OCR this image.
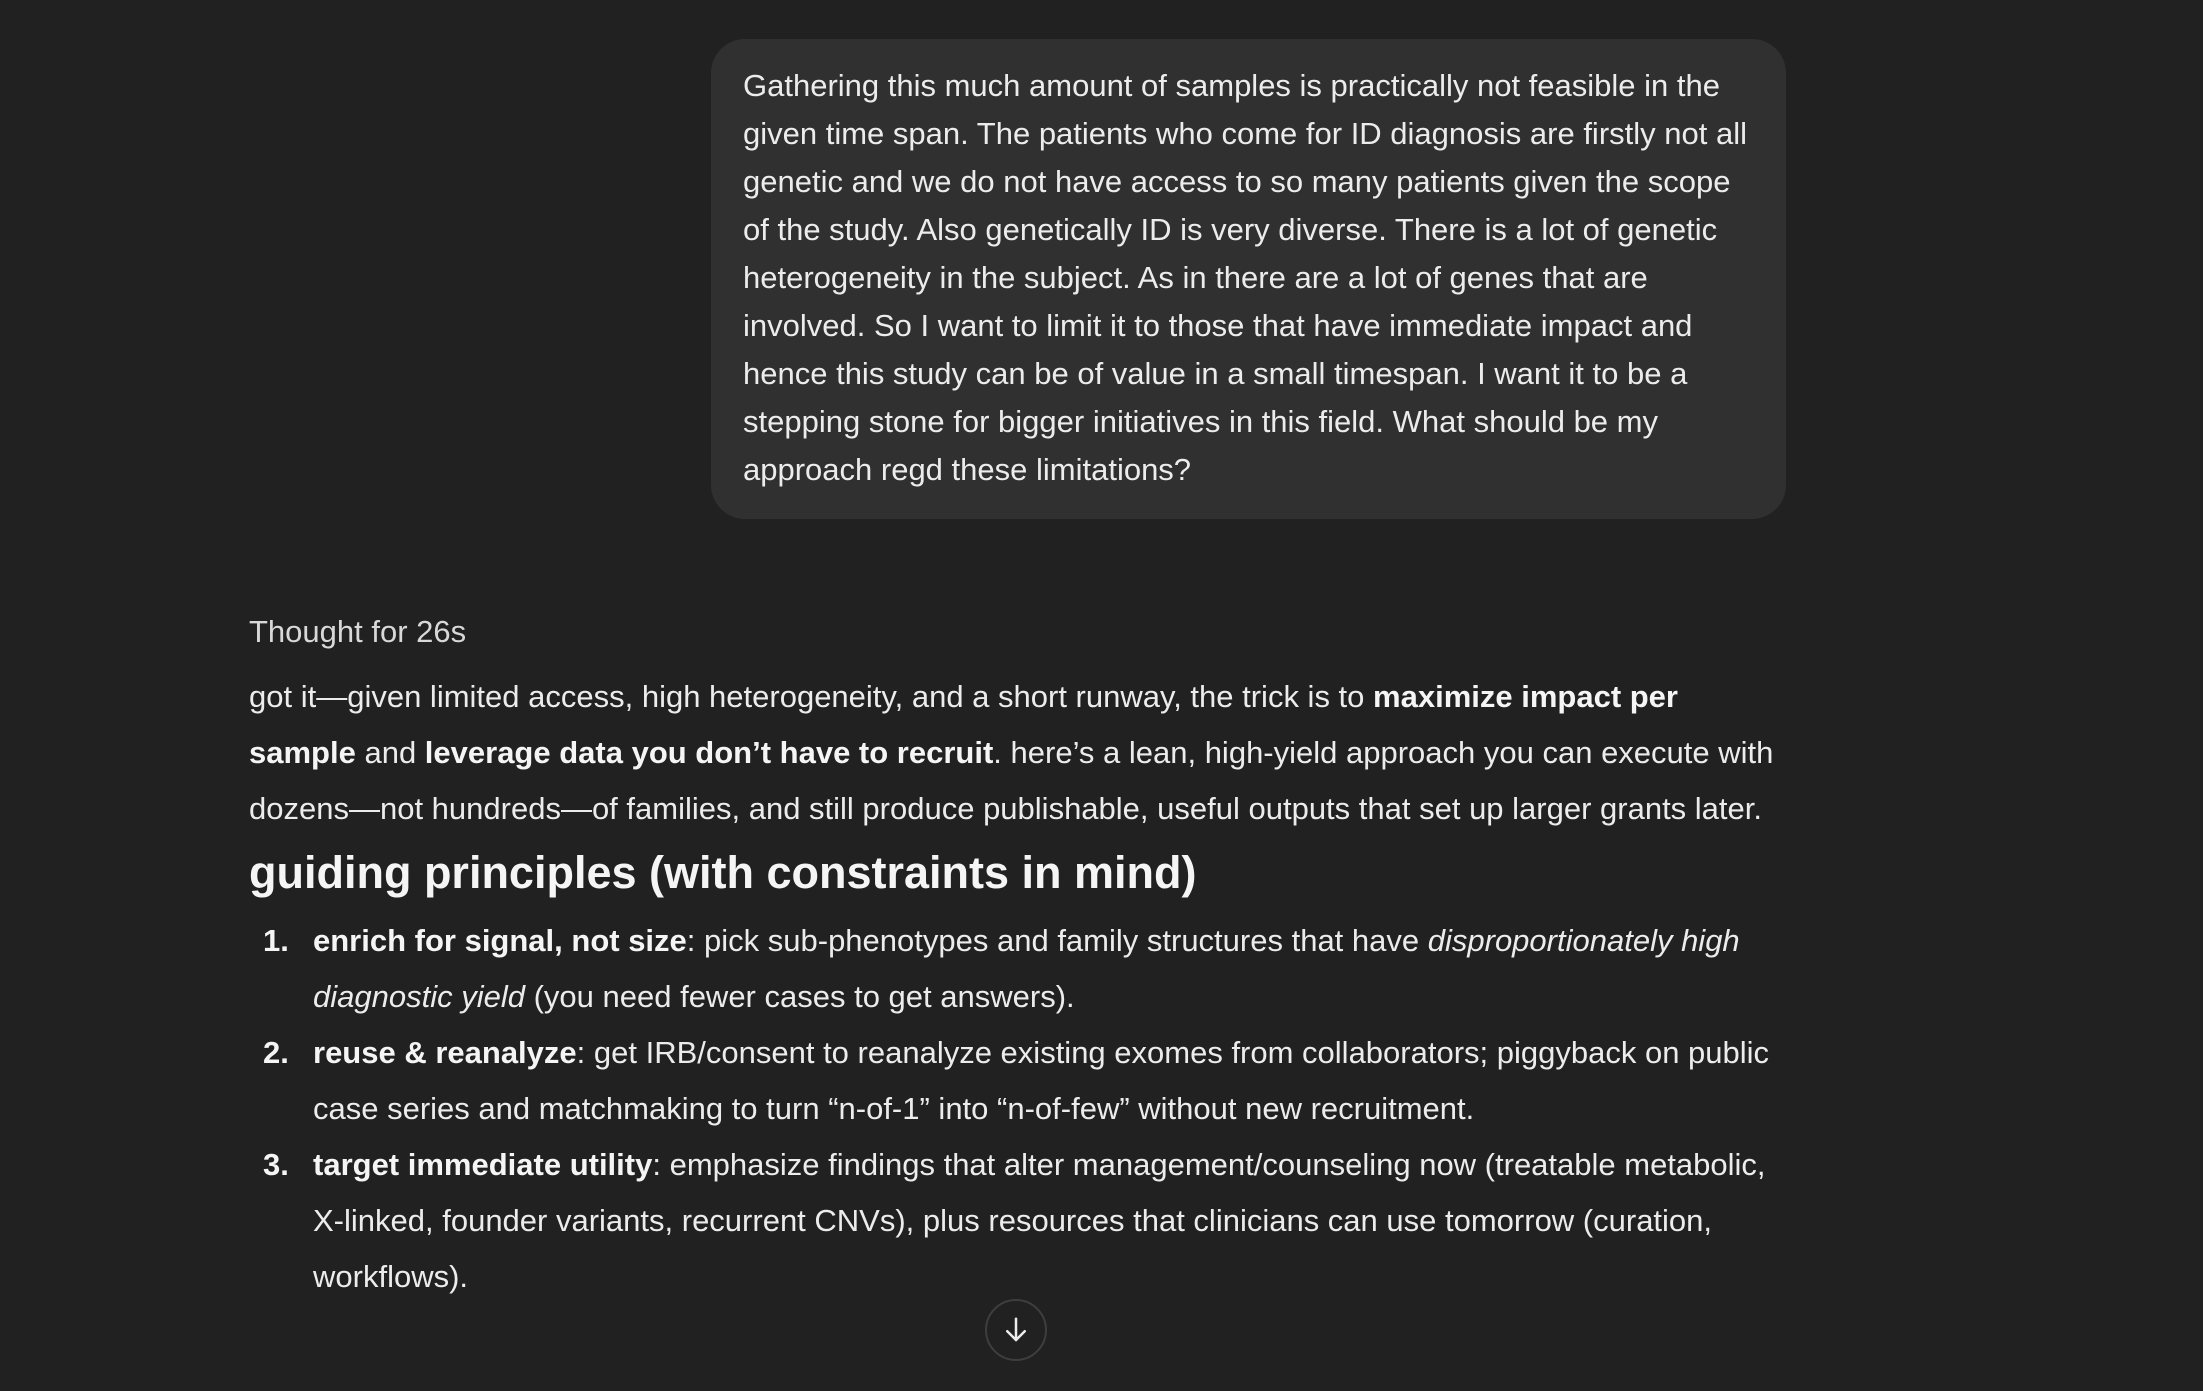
Gathering this much amount of samples is practically not feasible in the given time span. The patients who come for ID diagnosis are firstly not all genetic and we do not have access to so many patients given the scope of the study. Also genetically ID is very diverse. There is a lot of genetic heterogeneity in the subject. As in there are a lot of genes that are involved. So I want to limit it to those that have immediate impact and hence this study can be of value in a small timespan. I want it to be a stepping stone for bigger initiatives in this field. What should be my approach regd these limitations?

Thought for 26s

got it—given limited access, high heterogeneity, and a short runway, the trick is to maximize impact per sample and leverage data you don’t have to recruit. here’s a lean, high-yield approach you can execute with dozens—not hundreds—of families, and still produce publishable, useful outputs that set up larger grants later.

guiding principles (with constraints in mind)
1. enrich for signal, not size: pick sub-phenotypes and family structures that have disproportionately high diagnostic yield (you need fewer cases to get answers).
2. reuse & reanalyze: get IRB/consent to reanalyze existing exomes from collaborators; piggyback on public case series and matchmaking to turn “n-of-1” into “n-of-few” without new recruitment.
3. target immediate utility: emphasize findings that alter management/counseling now (treatable metabolic, X-linked, founder variants, recurrent CNVs), plus resources that clinicians can use tomorrow (curation, workflows).
